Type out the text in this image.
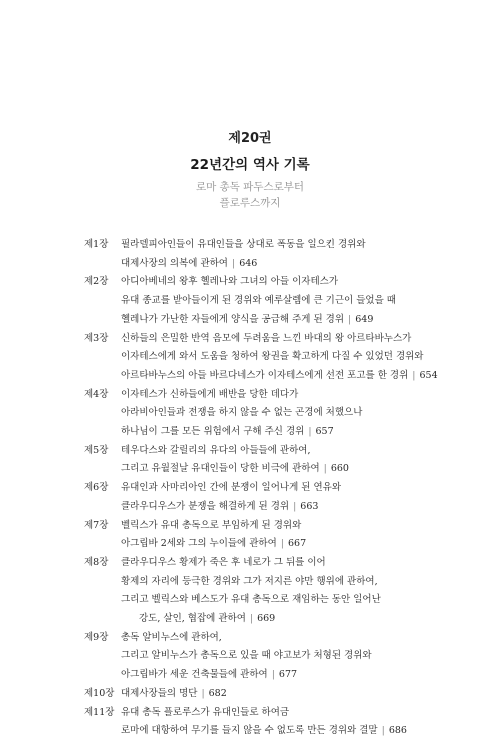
제20권
22년간의 역사 기록
로마 총독 파두스로부터
플로루스까지
제1장	필라델피아인들이 유대인들을 상대로 폭동을 일으킨 경위와
대제사장의 의복에 관하여 | 646
제2장	아디아베네의 왕후 헬레나와 그녀의 아들 이자테스가
유대 종교를 받아들이게 된 경위와 예루살렘에 큰 기근이 들었을 때
헬레나가 가난한 자들에게 양식을 공급해 주게 된 경위 | 649
제3장	신하들의 은밀한 반역 음모에 두려움을 느낀 바대의 왕 아르타바누스가
이자테스에게 와서 도움을 청하여 왕권을 확고하게 다질 수 있었던 경위와
아르타바누스의 아들 바르다네스가 이자테스에게 선전 포고를 한 경위 | 654
제4장	이자테스가 신하들에게 배반을 당한 데다가
아라비아인들과 전쟁을 하지 않을 수 없는 곤경에 처했으나
하나님이 그를 모든 위험에서 구해 주신 경위 | 657
제5장	테우다스와 갈릴리의 유다의 아들들에 관하여,
그리고 유월절날 유대인들이 당한 비극에 관하여 | 660
제6장	유대인과 사마리아인 간에 분쟁이 일어나게 된 연유와
클라우디우스가 분쟁을 해결하게 된 경위 | 663
제7장	벨릭스가 유대 총독으로 부임하게 된 경위와
아그립바 2세와 그의 누이들에 관하여 | 667
제8장	클라우디우스 황제가 죽은 후 네로가 그 뒤를 이어
황제의 자리에 등극한 경위와 그가 저지른 야만 행위에 관하여,
그리고 벨릭스와 베스도가 유대 총독으로 재임하는 동안 일어난
강도, 살인, 협잡에 관하여 | 669
제9장	총독 알비누스에 관하여,
그리고 알비누스가 총독으로 있을 때 야고보가 처형된 경위와
아그립바가 세운 건축물들에 관하여 | 677
제10장 대제사장들의 명단 | 682
제11장 유대 총독 플로루스가 유대인들로 하여금
로마에 대항하여 무기를 들지 않을 수 없도록 만든 경위와 결말 | 686
